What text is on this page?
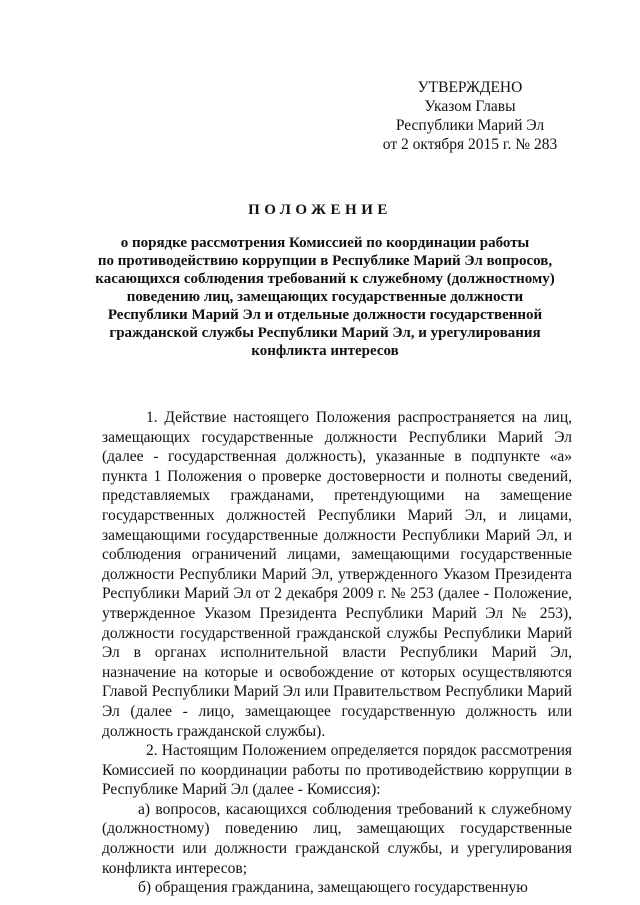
УТВЕРЖДЕНО
Указом Главы
Республики Марий Эл
от 2 октября 2015 г. № 283
ПОЛОЖЕНИЕ
о порядке рассмотрения Комиссией по координации работы
по противодействию коррупции в Республике Марий Эл вопросов,
касающихся соблюдения требований к служебному (должностному)
поведению лиц, замещающих государственные должности
Республики Марий Эл и отдельные должности государственной
гражданской службы Республики Марий Эл, и урегулирования
конфликта интересов

1. Действие настоящего Положения распространяется на лиц, замещающих государственные должности Республики Марий Эл (далее - государственная должность), указанные в подпункте «а» пункта 1 Положения о проверке достоверности и полноты сведений, представляемых гражданами, претендующими на замещение государственных должностей Республики Марий Эл, и лицами, замещающими государственные должности Республики Марий Эл, и соблюдения ограничений лицами, замещающими государственные должности Республики Марий Эл, утвержденного Указом Президента Республики Марий Эл от 2 декабря 2009 г. № 253 (далее - Положение, утвержденное Указом Президента Республики Марий Эл № 253), должности государственной гражданской службы Республики Марий Эл в органах исполнительной власти Республики Марий Эл, назначение на которые и освобождение от которых осуществляются Главой Республики Марий Эл или Правительством Республики Марий Эл (далее - лицо, замещающее государственную должность или должность гражданской службы).

2. Настоящим Положением определяется порядок рассмотрения Комиссией по координации работы по противодействию коррупции в Республике Марий Эл (далее - Комиссия):

а) вопросов, касающихся соблюдения требований к служебному (должностному) поведению лиц, замещающих государственные должности или должности гражданской службы, и урегулирования конфликта интересов;

б) обращения гражданина, замещающего государственную
